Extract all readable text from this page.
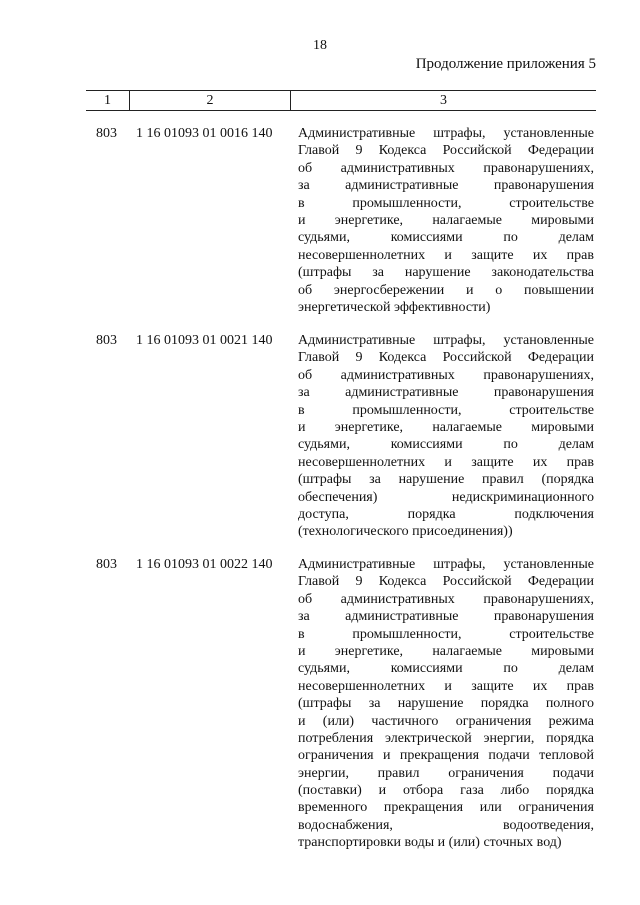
18
Продолжение приложения 5
1	2	3
803 1 16 01093 01 0016 140 Административные штрафы, установленные
Главой 9 Кодекса Российской Федерации
об административных правонарушениях,
за административные правонарушения
в промышленности, строительстве
и энергетике, налагаемые мировыми
судьями, комиссиями по делам
несовершеннолетних и защите их прав
(штрафы за нарушение законодательства
об энергосбережении и о повышении
энергетической эффективности)
803 1 16 01093 01 0021 140 Административные штрафы, установленные
Главой 9 Кодекса Российской Федерации
об административных правонарушениях,
за административные правонарушения
в промышленности, строительстве
и энергетике, налагаемые мировыми
судьями, комиссиями по делам
несовершеннолетних и защите их прав
(штрафы за нарушение правил (порядка
обеспечения) недискриминационного
доступа, порядка подключения
(технологического присоединения))
803 1 16 01093 01 0022 140 Административные штрафы, установленные
Главой 9 Кодекса Российской Федерации
об административных правонарушениях,
за административные правонарушения
в промышленности, строительстве
и энергетике, налагаемые мировыми
судьями, комиссиями по делам
несовершеннолетних и защите их прав
(штрафы за нарушение порядка полного
и (или) частичного ограничения режима
потребления электрической энергии, порядка
ограничения и прекращения подачи тепловой
энергии, правил ограничения подачи
(поставки) и отбора газа либо порядка
временного прекращения или ограничения
водоснабжения, водоотведения,
транспортировки воды и (или) сточных вод)
